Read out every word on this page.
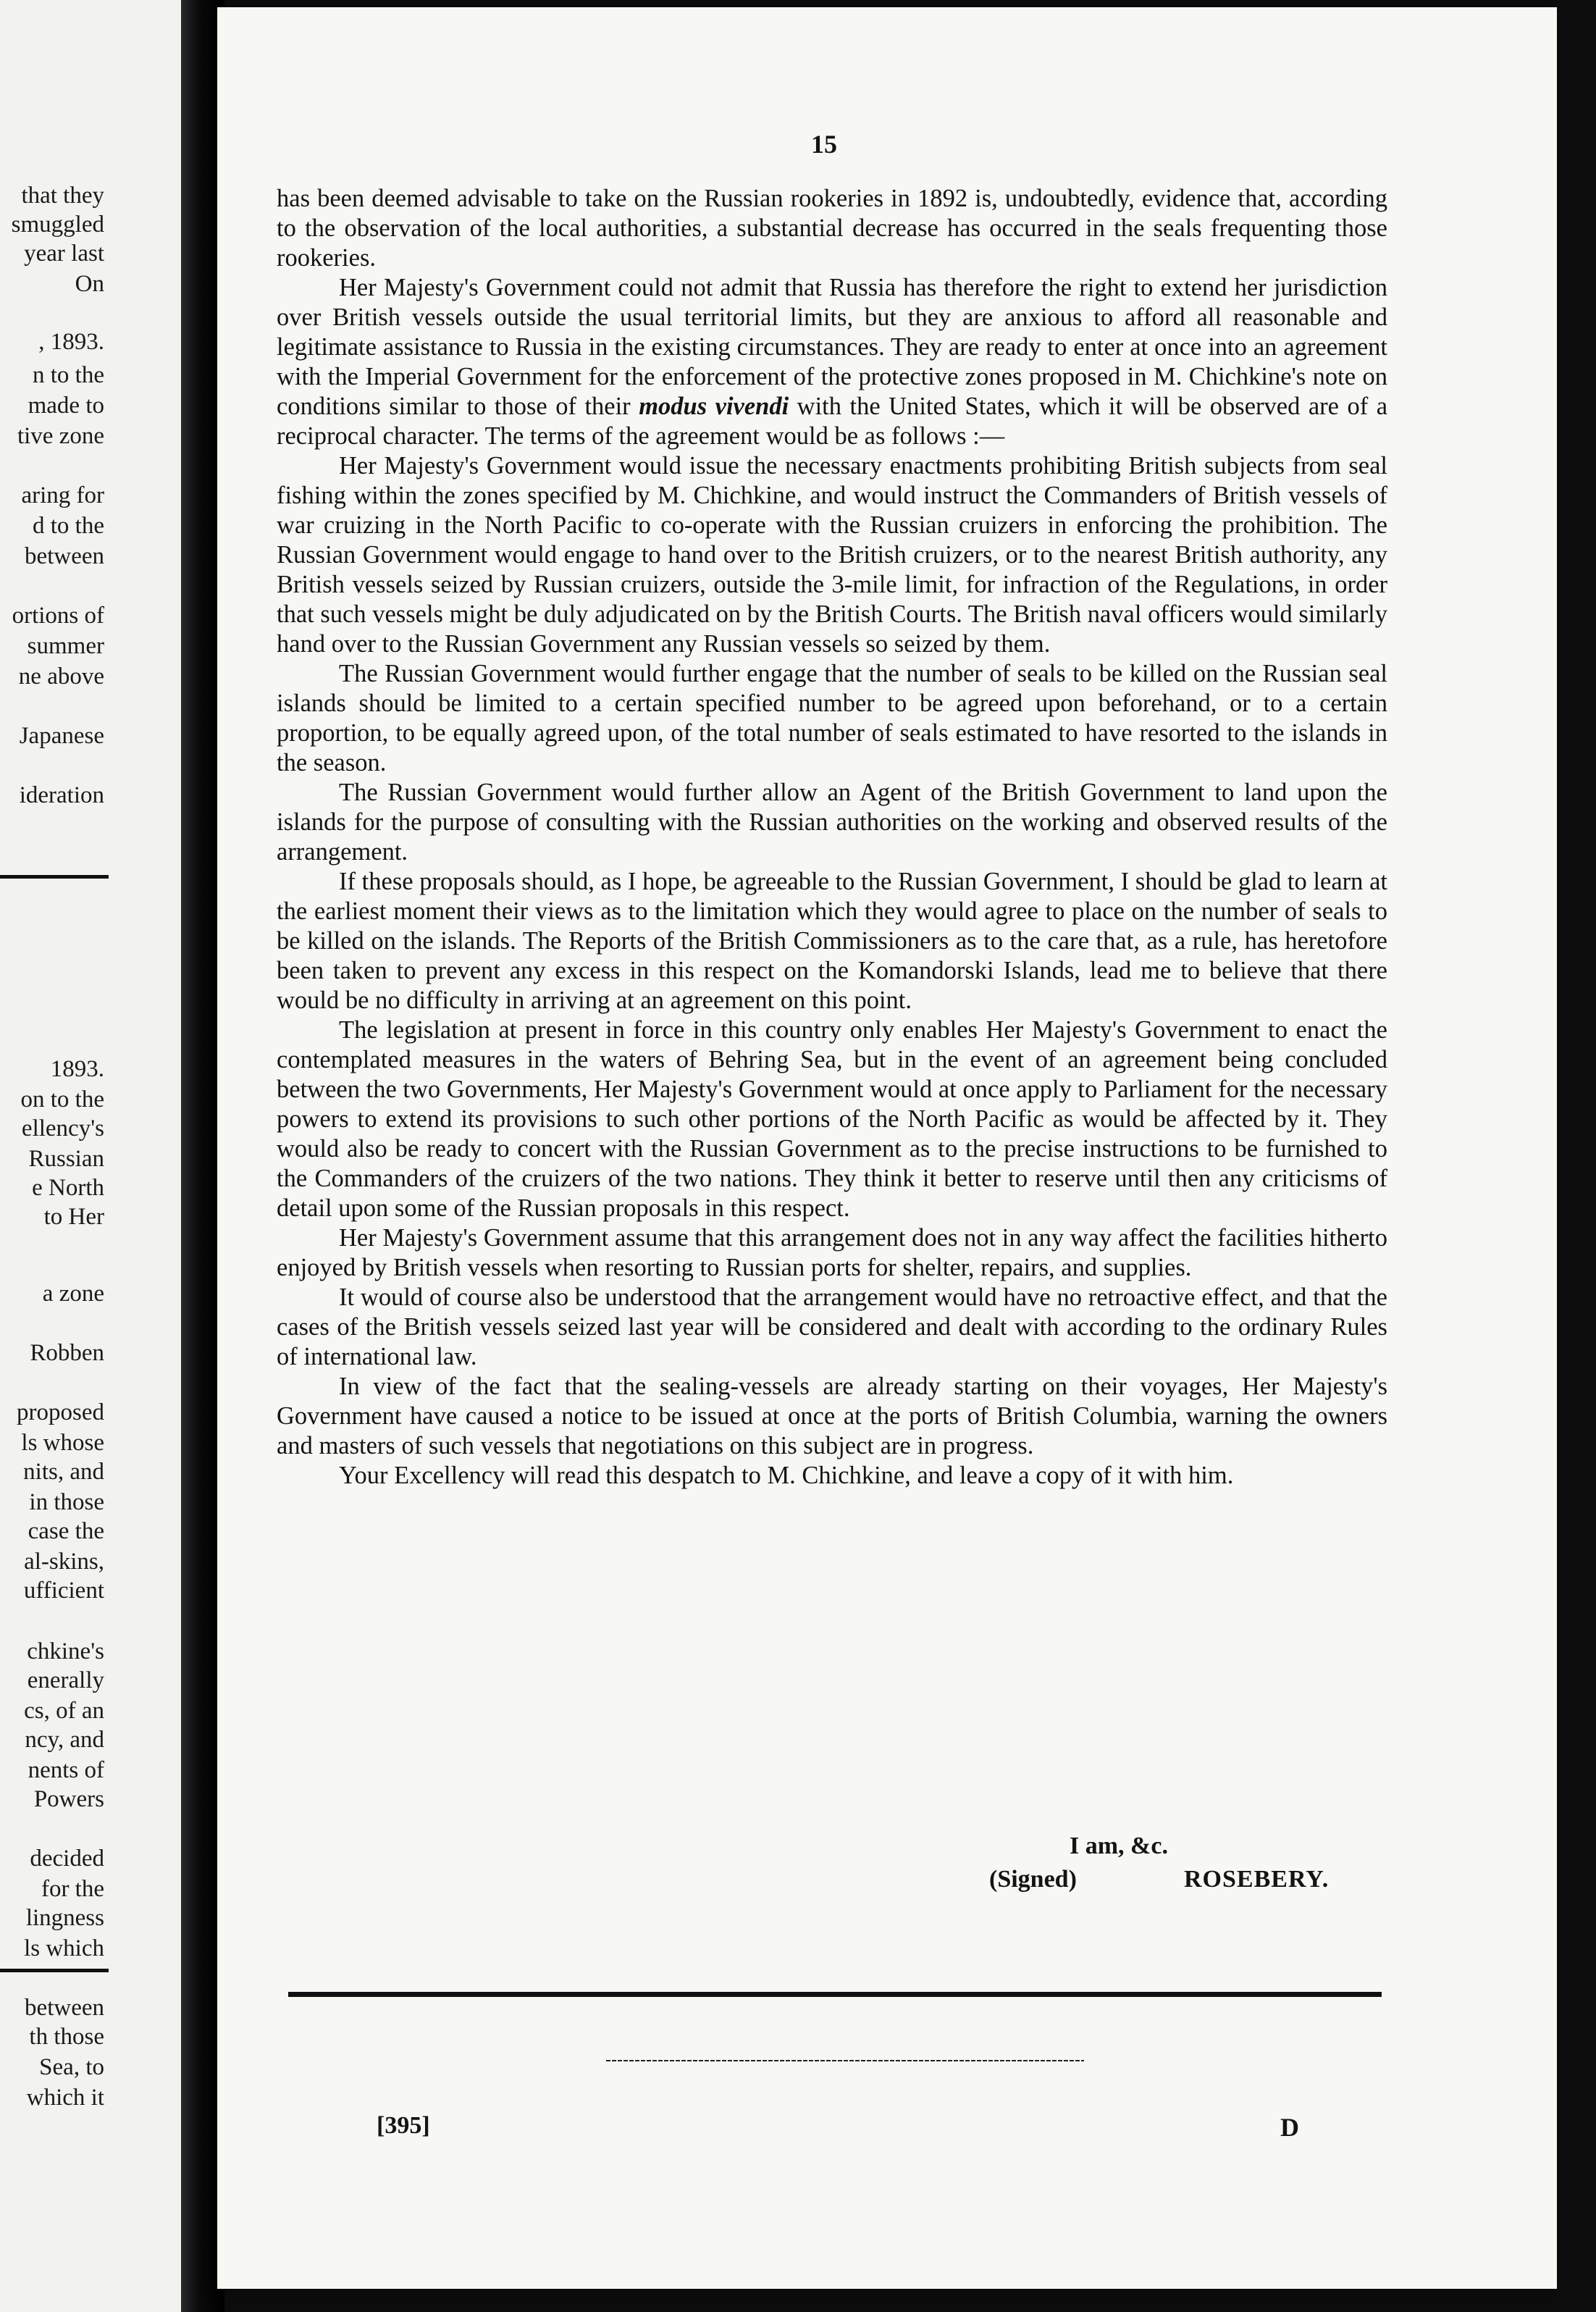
that they
smuggled
year last
On
, 1893.
n to the
made to
tive zone
aring for
d to the
between
ortions of
summer
ne above
Japanese
ideration
1893.
on to the
ellency's
Russian
e North
to Her
a zone
Robben
proposed
ls whose
nits, and
in those
case the
al-skins,
ufficient
chkine's
enerally
cs, of an
ncy, and
nents of
Powers
decided
for the
lingness
ls which
between
th those
Sea, to
which it
15

has been deemed advisable to take on the Russian rookeries in 1892 is, undoubtedly, evidence that, according to the observation of the local authorities, a substantial decrease has occurred in the seals frequenting those rookeries.

Her Majesty's Government could not admit that Russia has therefore the right to extend her jurisdiction over British vessels outside the usual territorial limits, but they are anxious to afford all reasonable and legitimate assistance to Russia in the existing circumstances. They are ready to enter at once into an agreement with the Imperial Government for the enforcement of the protective zones proposed in M. Chichkine's note on conditions similar to those of their modus vivendi with the United States, which it will be observed are of a reciprocal character. The terms of the agreement would be as follows :—

Her Majesty's Government would issue the necessary enactments prohibiting British subjects from seal fishing within the zones specified by M. Chichkine, and would instruct the Commanders of British vessels of war cruizing in the North Pacific to co-operate with the Russian cruizers in enforcing the prohibition. The Russian Government would engage to hand over to the British cruizers, or to the nearest British authority, any British vessels seized by Russian cruizers, outside the 3-mile limit, for infraction of the Regulations, in order that such vessels might be duly adjudicated on by the British Courts. The British naval officers would similarly hand over to the Russian Government any Russian vessels so seized by them.

The Russian Government would further engage that the number of seals to be killed on the Russian seal islands should be limited to a certain specified number to be agreed upon beforehand, or to a certain proportion, to be equally agreed upon, of the total number of seals estimated to have resorted to the islands in the season.

The Russian Government would further allow an Agent of the British Government to land upon the islands for the purpose of consulting with the Russian authorities on the working and observed results of the arrangement.

If these proposals should, as I hope, be agreeable to the Russian Government, I should be glad to learn at the earliest moment their views as to the limitation which they would agree to place on the number of seals to be killed on the islands. The Reports of the British Commissioners as to the care that, as a rule, has heretofore been taken to prevent any excess in this respect on the Komandorski Islands, lead me to believe that there would be no difficulty in arriving at an agreement on this point.

The legislation at present in force in this country only enables Her Majesty's Government to enact the contemplated measures in the waters of Behring Sea, but in the event of an agreement being concluded between the two Governments, Her Majesty's Government would at once apply to Parliament for the necessary powers to extend its provisions to such other portions of the North Pacific as would be affected by it. They would also be ready to concert with the Russian Government as to the precise instructions to be furnished to the Commanders of the cruizers of the two nations. They think it better to reserve until then any criticisms of detail upon some of the Russian proposals in this respect.

Her Majesty's Government assume that this arrangement does not in any way affect the facilities hitherto enjoyed by British vessels when resorting to Russian ports for shelter, repairs, and supplies.

It would of course also be understood that the arrangement would have no retroactive effect, and that the cases of the British vessels seized last year will be considered and dealt with according to the ordinary Rules of international law.

In view of the fact that the sealing-vessels are already starting on their voyages, Her Majesty's Government have caused a notice to be issued at once at the ports of British Columbia, warning the owners and masters of such vessels that negotiations on this subject are in progress.

Your Excellency will read this despatch to M. Chichkine, and leave a copy of it with him.

I am, &c.
(Signed)	ROSEBERY.
[395]	D
